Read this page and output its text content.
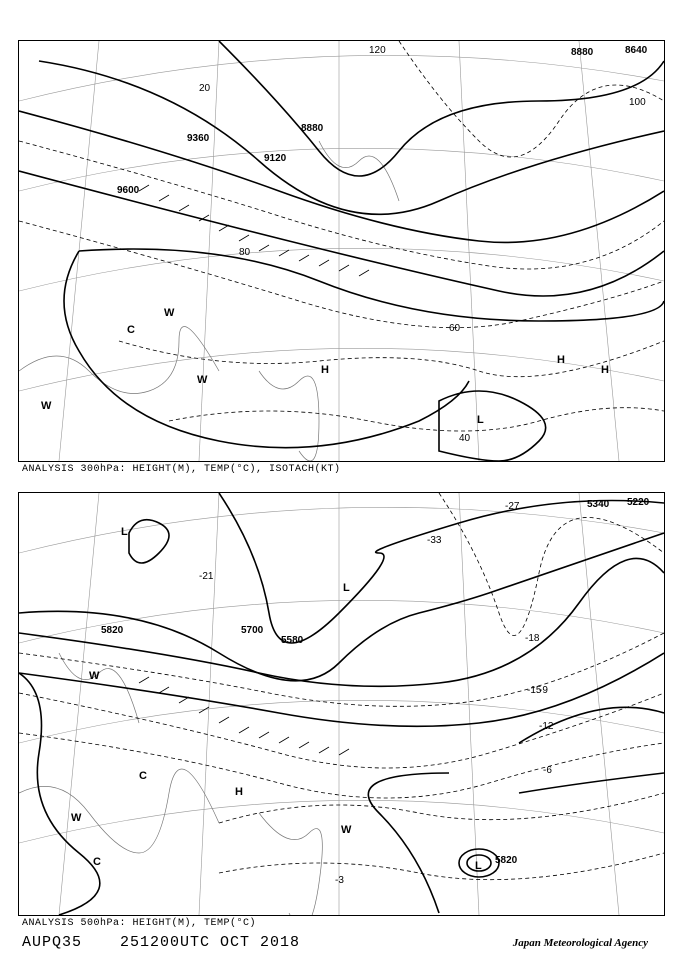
9360
9120
9600
8880
8880	8640
20
40
60
80
100
120
H
H
H
L
C
W
W
W
ANALYSIS 300hPa: HEIGHT(M), TEMP(°C), ISOTACH(KT)
5820	5700
5580
5340 5220
5820
-3
-9
-12
-15
-18
-21
-27
-33
-6
L
L
L
H
C
C
W
W
W
ANALYSIS 500hPa: HEIGHT(M), TEMP(°C)
AUPQ35	251200UTC OCT 2018	Japan Meteorological Agency
